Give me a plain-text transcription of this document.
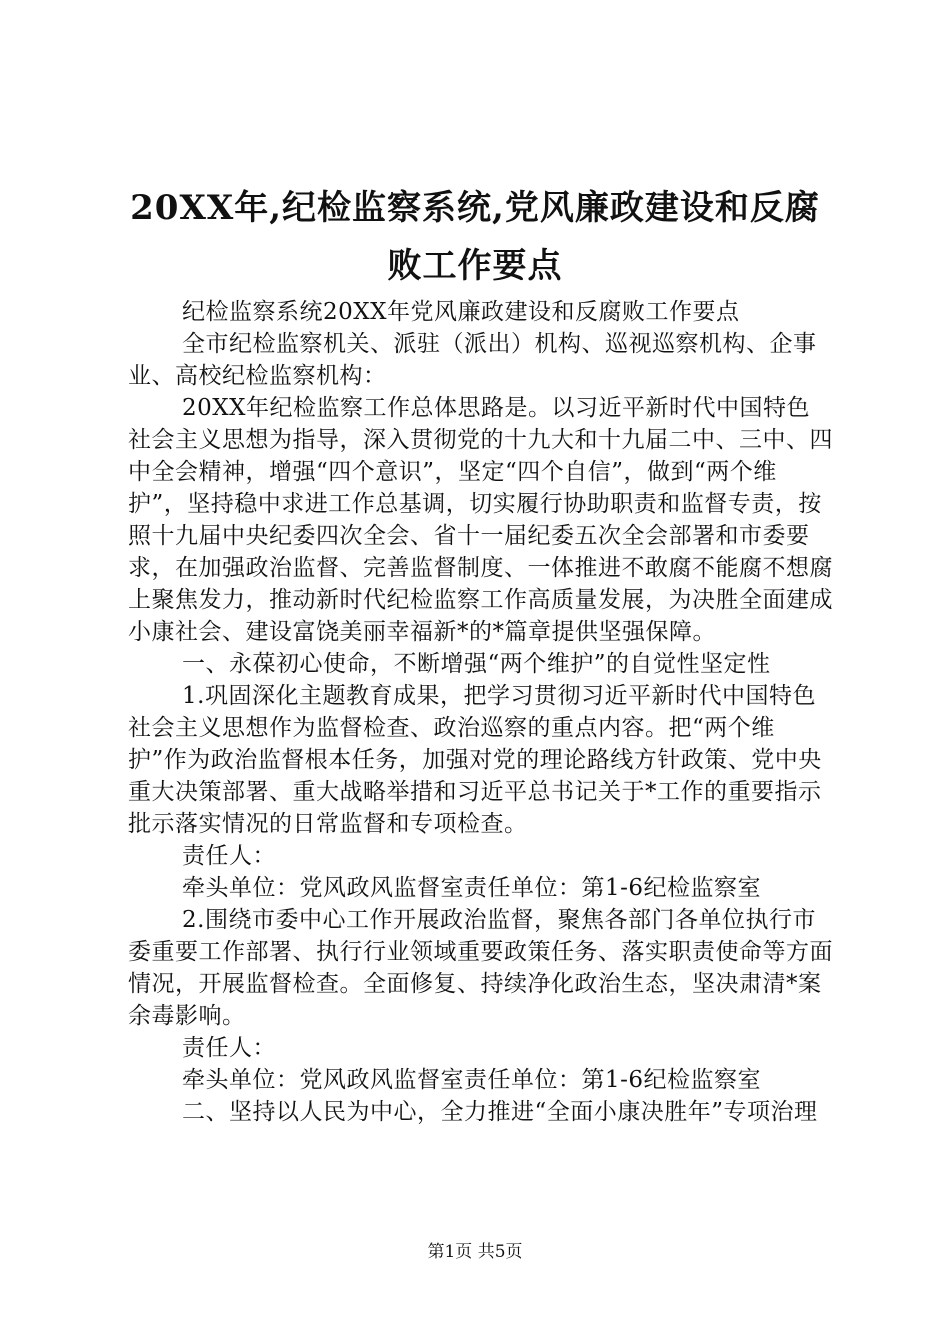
20XX年,纪检监察系统,党风廉政建设和反腐
败工作要点

纪检监察系统20XX年党风廉政建设和反腐败工作要点

全市纪检监察机关、派驻（派出）机构、巡视巡察机构、企事业、高校纪检监察机构：

20XX年纪检监察工作总体思路是。以习近平新时代中国特色社会主义思想为指导，深入贯彻党的十九大和十九届二中、三中、四中全会精神，增强“四个意识”，坚定“四个自信”，做到“两个维护”，坚持稳中求进工作总基调，切实履行协助职责和监督专责，按照十九届中央纪委四次全会、省十一届纪委五次全会部署和市委要求，在加强政治监督、完善监督制度、一体推进不敢腐不能腐不想腐上聚焦发力，推动新时代纪检监察工作高质量发展，为决胜全面建成小康社会、建设富饶美丽幸福新*的*篇章提供坚强保障。

一、永葆初心使命，不断增强“两个维护”的自觉性坚定性

1.巩固深化主题教育成果，把学习贯彻习近平新时代中国特色社会主义思想作为监督检查、政治巡察的重点内容。把“两个维护”作为政治监督根本任务，加强对党的理论路线方针政策、党中央重大决策部署、重大战略举措和习近平总书记关于*工作的重要指示批示落实情况的日常监督和专项检查。

责任人：

牵头单位：党风政风监督室责任单位：第1-6纪检监察室

2.围绕市委中心工作开展政治监督，聚焦各部门各单位执行市委重要工作部署、执行行业领域重要政策任务、落实职责使命等方面情况，开展监督检查。全面修复、持续净化政治生态，坚决肃清*案余毒影响。

责任人：

牵头单位：党风政风监督室责任单位：第1-6纪检监察室

二、坚持以人民为中心，全力推进“全面小康决胜年”专项治理

第1页 共5页
